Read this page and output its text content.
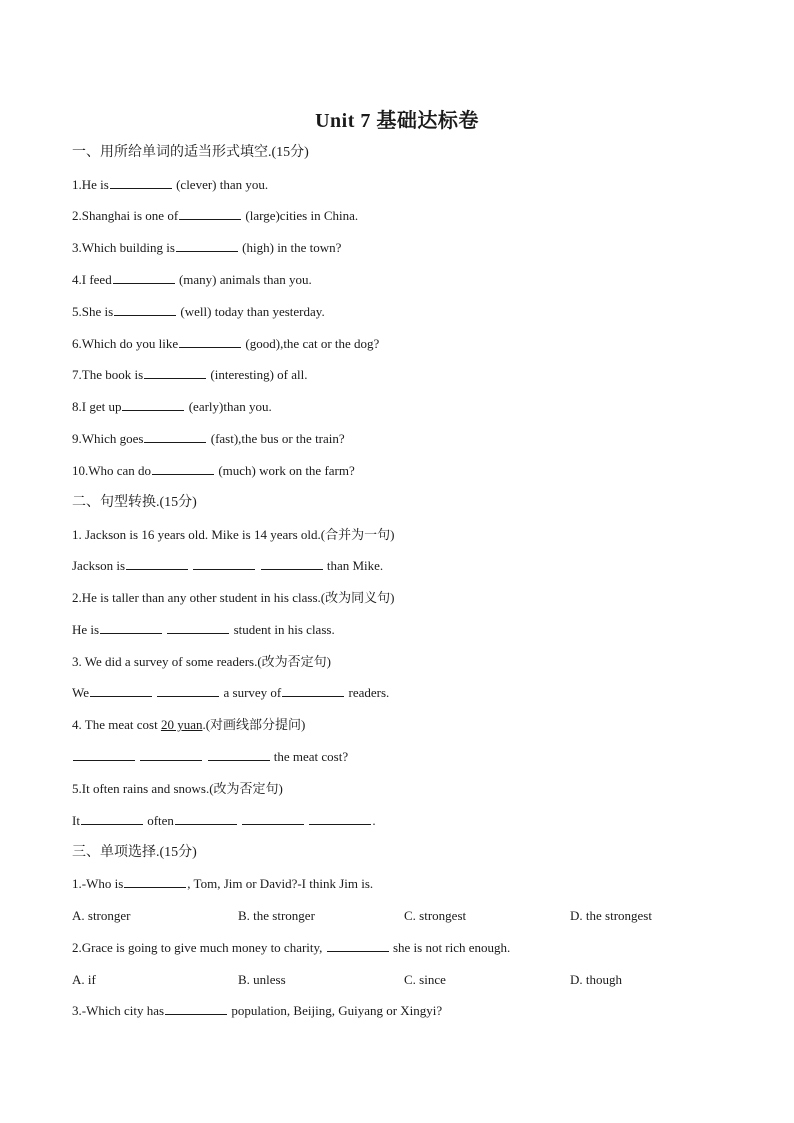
Unit 7 基础达标卷
一、用所给单词的适当形式填空.(15分)
1.He is	(clever) than you.
2.Shanghai is one of	(large)cities in China.
3.Which building is	(high) in the town?
4.I feed	(many) animals than you.
5.She is	(well) today than yesterday.
6.Which do you like	(good),the cat or the dog?
7.The book is	(interesting) of all.
8.I get up	(early)than you.
9.Which goes	(fast),the bus or the train?
10.Who can do	(much) work on the farm?
二、句型转换.(15分)
1. Jackson is 16 years old. Mike is 14 years old.(合并为一句)
Jackson is	than Mike.
2.He is taller than any other student in his class.(改为同义句)
He is	student in his class.
3. We did a survey of some readers.(改为否定句)
We	a survey of	readers.
4. The meat cost 20 yuan.(对画线部分提问)
the meat cost?
5.It often rains and snows.(改为否定句)
It	often	.
三、单项选择.(15分)
1.-Who is	, Tom, Jim or David?-I think Jim is.
A. stronger	B. the stronger	C. strongest	D. the strongest
2.Grace is going to give much money to charity,	she is not rich enough.
A. if	B. unless	C. since	D. though
3.-Which city has	population, Beijing, Guiyang or Xingyi?
